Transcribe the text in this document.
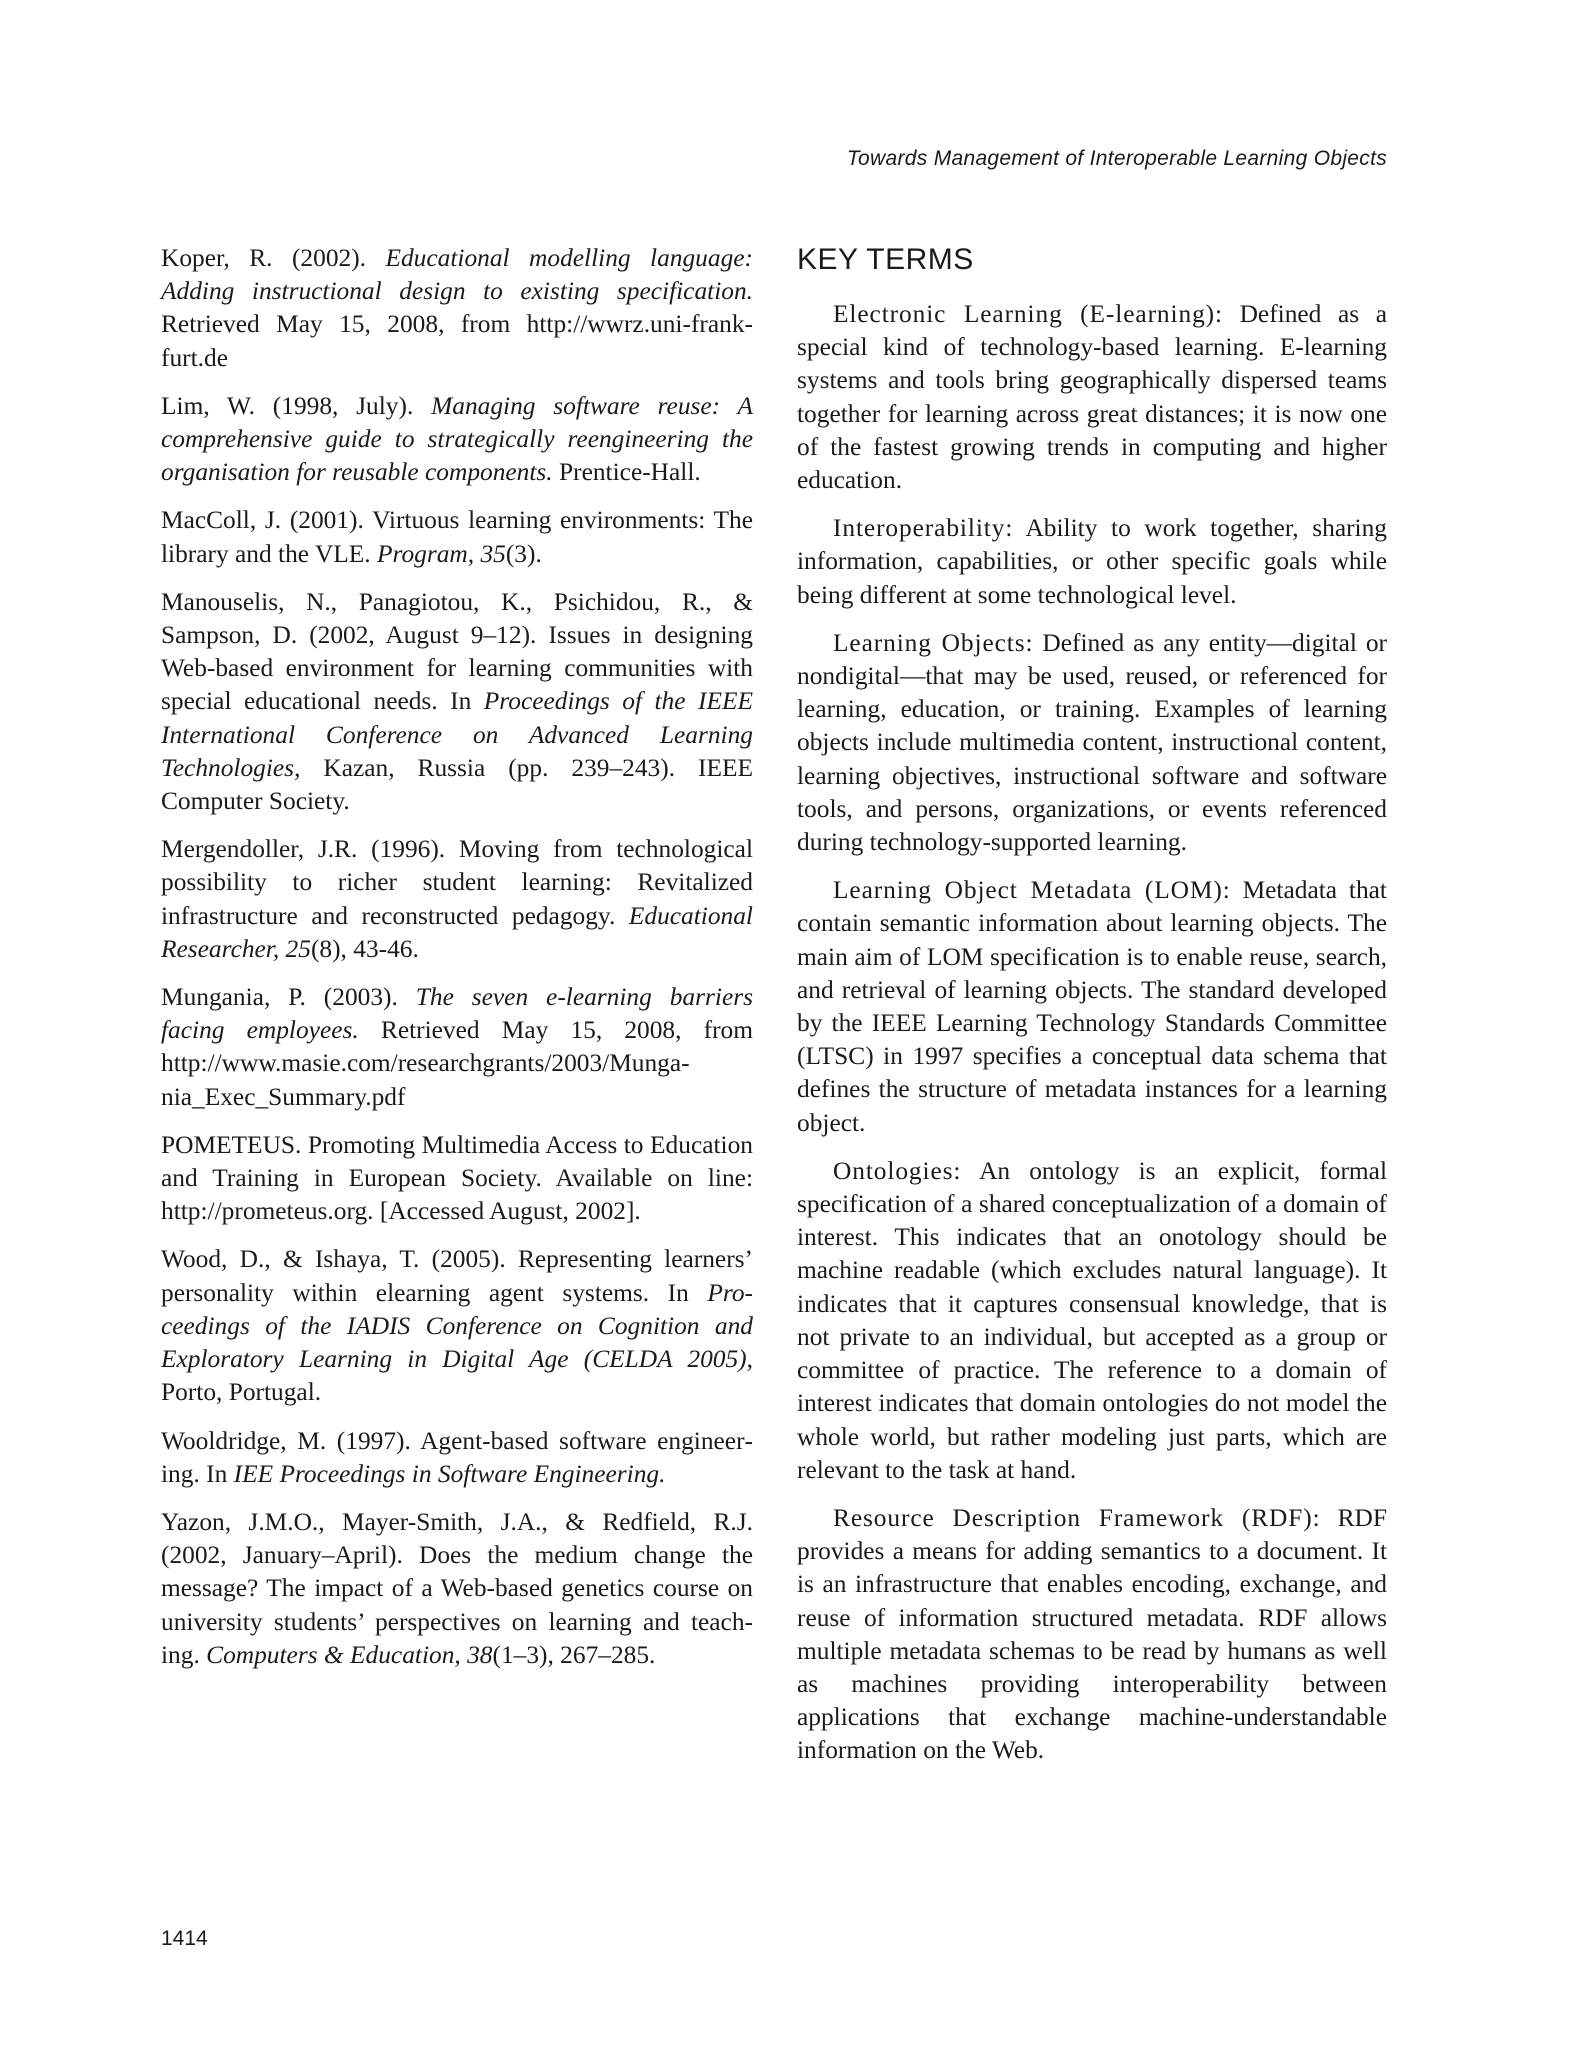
Towards Management of Interoperable Learning Objects

Koper, R. (2002). Educational modelling language: Adding instructional design to existing specification. Retrieved May 15, 2008, from http://wwrz.uni-frankfurt.de

Lim, W. (1998, July). Managing software reuse: A comprehensive guide to strategically reengineering the organisation for reusable components. Prentice-Hall.

MacColl, J. (2001). Virtuous learning environments: The library and the VLE. Program, 35(3).

Manouselis, N., Panagiotou, K., Psichidou, R., & Sampson, D. (2002, August 9–12). Issues in designing Web-based environment for learning communities with special educational needs. In Proceedings of the IEEE International Conference on Advanced Learning Technologies, Kazan, Russia (pp. 239–243). IEEE Computer Society.

Mergendoller, J.R. (1996). Moving from technological possibility to richer student learning: Revitalized infrastructure and reconstructed pedagogy. Educational Researcher, 25(8), 43-46.

Mungania, P. (2003). The seven e-learning barriers facing employees. Retrieved May 15, 2008, from http://www.masie.com/researchgrants/2003/Mungania_Exec_Summary.pdf

POMETEUS. Promoting Multimedia Access to Education and Training in European Society. Available on line: http://prometeus.org. [Accessed August, 2002].

Wood, D., & Ishaya, T. (2005). Representing learners’ personality within elearning agent systems. In Proceedings of the IADIS Conference on Cognition and Exploratory Learning in Digital Age (CELDA 2005), Porto, Portugal.

Wooldridge, M. (1997). Agent-based software engineering. In IEE Proceedings in Software Engineering.

Yazon, J.M.O., Mayer-Smith, J.A., & Redfield, R.J. (2002, January–April). Does the medium change the message? The impact of a Web-based genetics course on university students’ perspectives on learning and teaching. Computers & Education, 38(1–3), 267–285.

KEY TERMS

Electronic Learning (E-learning): Defined as a special kind of technology-based learning. E-learning systems and tools bring geographically dispersed teams together for learning across great distances; it is now one of the fastest growing trends in computing and higher education.

Interoperability: Ability to work together, sharing information, capabilities, or other specific goals while being different at some technological level.

Learning Objects: Defined as any entity—digital or nondigital—that may be used, reused, or referenced for learning, education, or training. Examples of learning objects include multimedia content, instructional content, learning objectives, instructional software and software tools, and persons, organizations, or events referenced during technology-supported learning.

Learning Object Metadata (LOM): Metadata that contain semantic information about learning objects. The main aim of LOM specification is to enable reuse, search, and retrieval of learning objects. The standard developed by the IEEE Learning Technology Standards Committee (LTSC) in 1997 specifies a conceptual data schema that defines the structure of metadata instances for a learning object.

Ontologies: An ontology is an explicit, formal specification of a shared conceptualization of a domain of interest. This indicates that an onotology should be machine readable (which excludes natural language). It indicates that it captures consensual knowledge, that is not private to an individual, but accepted as a group or committee of practice. The reference to a domain of interest indicates that domain ontologies do not model the whole world, but rather modeling just parts, which are relevant to the task at hand.

Resource Description Framework (RDF): RDF provides a means for adding semantics to a document. It is an infrastructure that enables encoding, exchange, and reuse of information structured metadata. RDF allows multiple metadata schemas to be read by humans as well as machines providing interoperability between applications that exchange machine-understandable information on the Web.

1414
